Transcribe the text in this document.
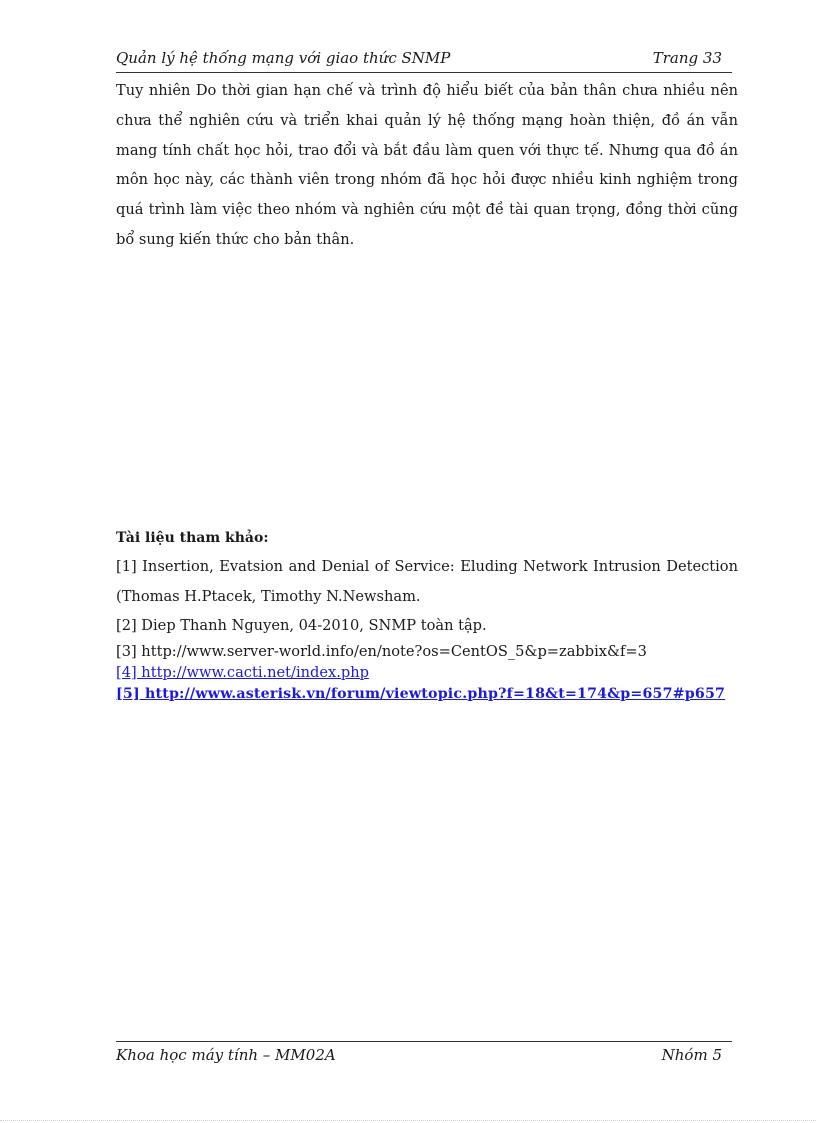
Quản lý hệ thống mạng với giao thức SNMP	Trang 33

Tuy nhiên Do thời gian hạn chế và trình độ hiểu biết của bản thân chưa nhiều nên chưa thể nghiên cứu và triển khai quản lý hệ thống mạng hoàn thiện, đồ án vẫn mang tính chất học hỏi, trao đổi và bắt đầu làm quen với thực tế. Nhưng qua đồ án môn học này, các thành viên trong nhóm đã học hỏi được nhiều kinh nghiệm trong quá trình làm việc theo nhóm và nghiên cứu một đề tài quan trọng, đồng thời cũng bổ sung kiến thức cho bản thân.

Tài liệu tham khảo:

[1] Insertion, Evatsion and Denial of Service: Eluding Network Intrusion Detection (Thomas H.Ptacek, Timothy N.Newsham.

[2] Diep Thanh Nguyen, 04-2010, SNMP toàn tập.

[3] http://www.server-world.info/en/note?os=CentOS_5&p=zabbix&f=3

[4] http://www.cacti.net/index.php

[5] http://www.asterisk.vn/forum/viewtopic.php?f=18&t=174&p=657#p657

Khoa học máy tính – MM02A	Nhóm 5
